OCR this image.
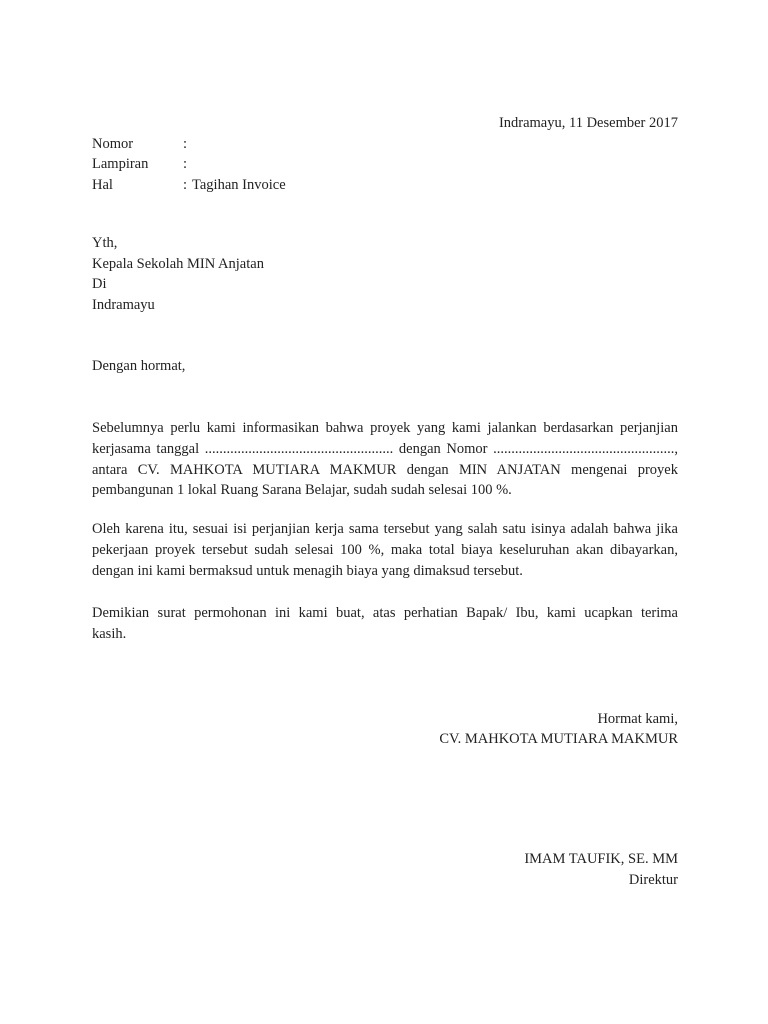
Indramayu, 11 Desember 2017
Nomor	:
Lampiran	:
Hal	: Tagihan Invoice
Yth,
Kepala Sekolah MIN Anjatan
Di
Indramayu
Dengan hormat,
Sebelumnya perlu kami informasikan bahwa proyek yang kami jalankan berdasarkan perjanjian
kerjasama tanggal .................................................... dengan Nomor ..................................................,
antara CV. MAHKOTA MUTIARA MAKMUR dengan MIN ANJATAN mengenai proyek
pembangunan 1 lokal Ruang Sarana Belajar, sudah sudah selesai 100 %.
Oleh karena itu, sesuai isi perjanjian kerja sama tersebut yang salah satu isinya adalah bahwa jika
pekerjaan proyek tersebut sudah selesai 100 %, maka total biaya keseluruhan akan dibayarkan,
dengan ini kami bermaksud untuk menagih biaya yang dimaksud tersebut.
Demikian surat permohonan ini kami buat, atas perhatian Bapak/ Ibu, kami ucapkan terima
kasih.
Hormat kami,
CV. MAHKOTA MUTIARA MAKMUR
IMAM TAUFIK, SE. MM
Direktur
